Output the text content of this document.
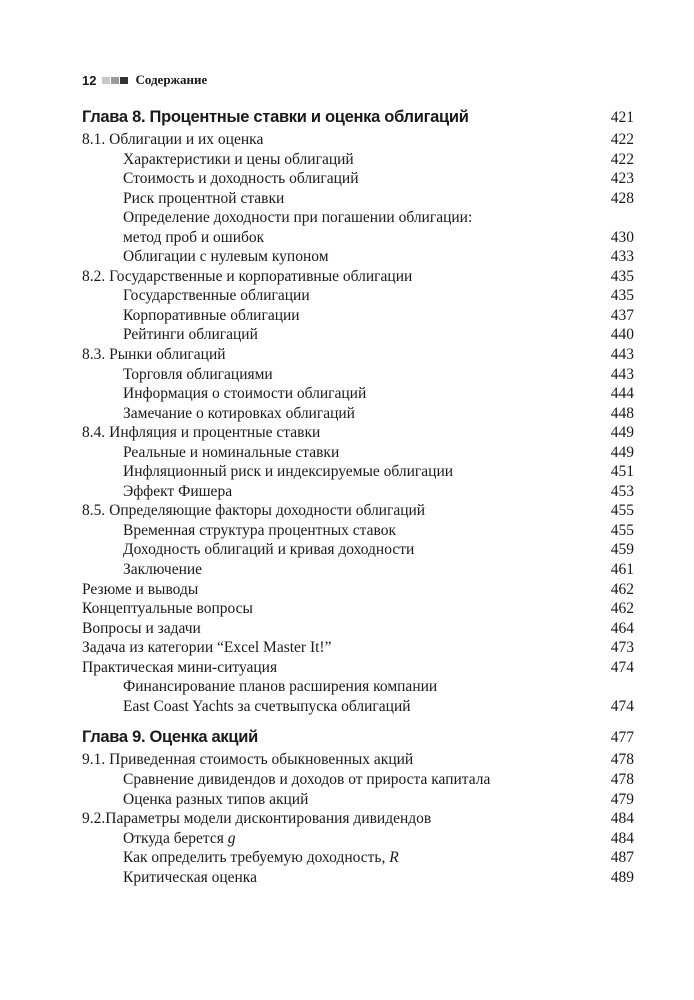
12	Содержание
Глава 8. Процентные ставки и оценка облигаций	421
8.1. Облигации и их оценка	422
Характеристики и цены облигаций	422
Стоимость и доходность облигаций	423
Риск процентной ставки	428
Определение доходности при погашении облигации:
метод проб и ошибок	430
Облигации с нулевым купоном	433
8.2. Государственные и корпоративные облигации	435
Государственные облигации	435
Корпоративные облигации	437
Рейтинги облигаций	440
8.3. Рынки облигаций	443
Торговля облигациями	443
Информация о стоимости облигаций	444
Замечание о котировках облигаций	448
8.4. Инфляция и процентные ставки	449
Реальные и номинальные ставки	449
Инфляционный риск и индексируемые облигации	451
Эффект Фишера	453
8.5. Определяющие факторы доходности облигаций	455
Временная структура процентных ставок	455
Доходность облигаций и кривая доходности	459
Заключение	461
Резюме и выводы	462
Концептуальные вопросы	462
Вопросы и задачи	464
Задача из категории “Excel Master It!”	473
Практическая мини-ситуация	474
Финансирование планов расширения компании
East Coast Yachts за счетвыпуска облигаций	474
Глава 9. Оценка акций	477
9.1. Приведенная стоимость обыкновенных акций	478
Сравнение дивидендов и доходов от прироста капитала	478
Оценка разных типов акций	479
9.2.Параметры модели дисконтирования дивидендов	484
Откуда берется g	484
Как определить требуемую доходность, R	487
Критическая оценка	489
